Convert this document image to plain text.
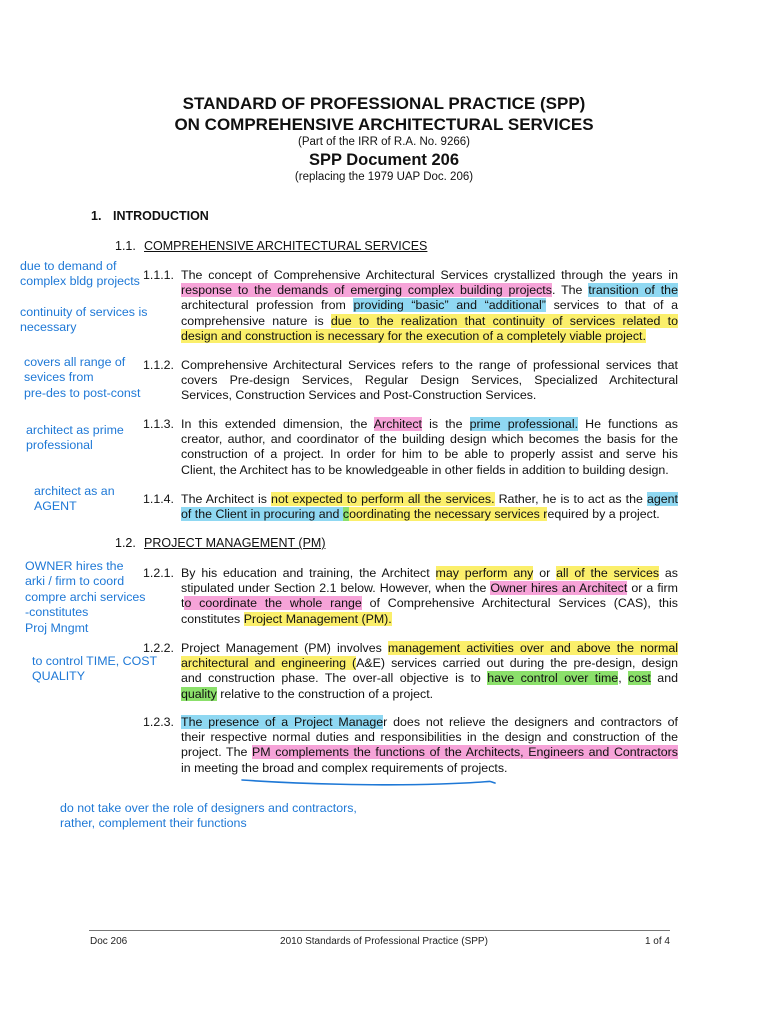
STANDARD OF PROFESSIONAL PRACTICE (SPP)
ON COMPREHENSIVE ARCHITECTURAL SERVICES
(Part of the IRR of R.A. No. 9266)
SPP Document 206
(replacing the 1979 UAP Doc. 206)
1. INTRODUCTION
1.1. COMPREHENSIVE ARCHITECTURAL SERVICES
1.2. PROJECT MANAGEMENT (PM)
due to demand of
complex bldg projects
continuity of services is
necessary
covers all range of
sevices from
pre-des to post-const
architect as prime
professional
architect as an
AGENT
OWNER hires the
arki / firm to coord
compre archi services
-constitutes
Proj Mngmt
to control TIME, COST
QUALITY
do not take over the role of designers and contractors,
rather, complement their functions
Doc 206	2010 Standards of Professional Practice (SPP)	1 of 4
1.1.1. The concept of Comprehensive Architectural Services crystallized through the years in
response to the demands of emerging complex building projects. The transition of the
architectural profession from providing “basic” and “additional” services to that of a
comprehensive nature is due to the realization that continuity of services related to
design and construction is necessary for the execution of a completely viable project.
1.1.2. Comprehensive Architectural Services refers to the range of professional services that
covers Pre-design Services, Regular Design Services, Specialized Architectural
Services, Construction Services and Post-Construction Services.
1.1.3. In this extended dimension, the Architect is the prime professional. He functions as
creator, author, and coordinator of the building design which becomes the basis for the
construction of a project. In order for him to be able to properly assist and serve his
Client, the Architect has to be knowledgeable in other fields in addition to building design.
1.1.4. The Architect is not expected to perform all the services. Rather, he is to act as the agent
of the Client in procuring and coordinating the necessary services required by a project.
1.2.1. By his education and training, the Architect may perform any or all of the services as
stipulated under Section 2.1 below. However, when the Owner hires an Architect or a firm
to coordinate the whole range of Comprehensive Architectural Services (CAS), this
constitutes Project Management (PM).
1.2.2. Project Management (PM) involves management activities over and above the normal
architectural and engineering (A&E) services carried out during the pre-design, design
and construction phase. The over-all objective is to have control over time, cost and
quality relative to the construction of a project.
1.2.3. The presence of a Project Manager does not relieve the designers and contractors of
their respective normal duties and responsibilities in the design and construction of the
project. The PM complements the functions of the Architects, Engineers and Contractors
in meeting the broad and complex requirements of projects.
